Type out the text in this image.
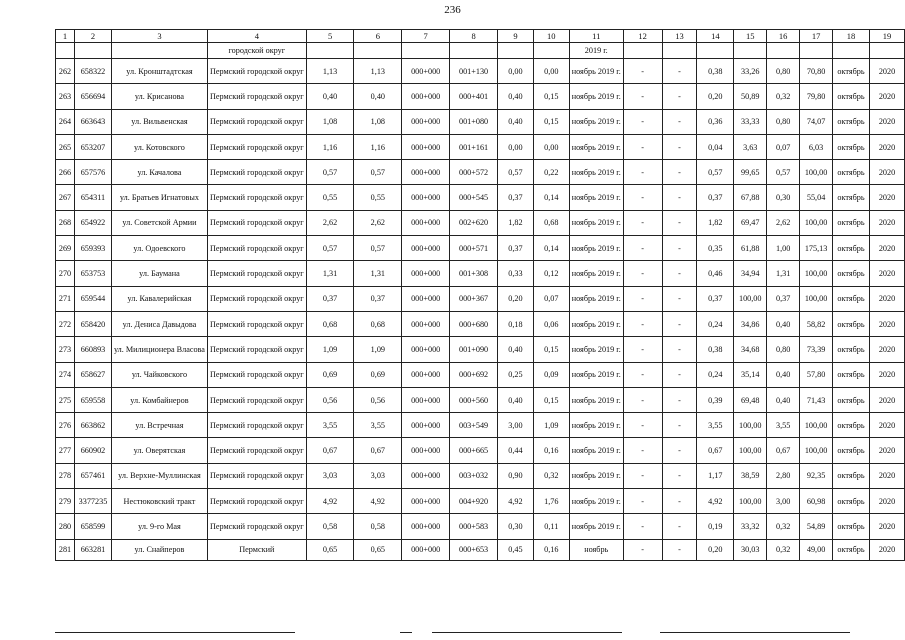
236
1	2	3	4	5	6	7	8	9	10	11	12	13	14	15	16	17	18	19
			городской округ							2019 г.								
262	658322	ул. Кронштадтская	Пермский городской округ	1,13	1,13	000+000	001+130	0,00	0,00	ноябрь 2019 г.	-	-	0,38	33,26	0,80	70,80	октябрь	2020
263	656694	ул. Крисанова	Пермский городской округ	0,40	0,40	000+000	000+401	0,40	0,15	ноябрь 2019 г.	-	-	0,20	50,89	0,32	79,80	октябрь	2020
264	663643	ул. Вильвенская	Пермский городской округ	1,08	1,08	000+000	001+080	0,40	0,15	ноябрь 2019 г.	-	-	0,36	33,33	0,80	74,07	октябрь	2020
265	653207	ул. Котовского	Пермский городской округ	1,16	1,16	000+000	001+161	0,00	0,00	ноябрь 2019 г.	-	-	0,04	3,63	0,07	6,03	октябрь	2020
266	657576	ул. Качалова	Пермский городской округ	0,57	0,57	000+000	000+572	0,57	0,22	ноябрь 2019 г.	-	-	0,57	99,65	0,57	100,00	октябрь	2020
267	654311	ул. Братьев Игнатовых	Пермский городской округ	0,55	0,55	000+000	000+545	0,37	0,14	ноябрь 2019 г.	-	-	0,37	67,88	0,30	55,04	октябрь	2020
268	654922	ул. Советской Армии	Пермский городской округ	2,62	2,62	000+000	002+620	1,82	0,68	ноябрь 2019 г.	-	-	1,82	69,47	2,62	100,00	октябрь	2020
269	659393	ул. Одоевского	Пермский городской округ	0,57	0,57	000+000	000+571	0,37	0,14	ноябрь 2019 г.	-	-	0,35	61,88	1,00	175,13	октябрь	2020
270	653753	ул. Баумана	Пермский городской округ	1,31	1,31	000+000	001+308	0,33	0,12	ноябрь 2019 г.	-	-	0,46	34,94	1,31	100,00	октябрь	2020
271	659544	ул. Кавалерийская	Пермский городской округ	0,37	0,37	000+000	000+367	0,20	0,07	ноябрь 2019 г.	-	-	0,37	100,00	0,37	100,00	октябрь	2020
272	658420	ул. Дениса Давыдова	Пермский городской округ	0,68	0,68	000+000	000+680	0,18	0,06	ноябрь 2019 г.	-	-	0,24	34,86	0,40	58,82	октябрь	2020
273	660893	ул. Милиционера Власова	Пермский городской округ	1,09	1,09	000+000	001+090	0,40	0,15	ноябрь 2019 г.	-	-	0,38	34,68	0,80	73,39	октябрь	2020
274	658627	ул. Чайковского	Пермский городской округ	0,69	0,69	000+000	000+692	0,25	0,09	ноябрь 2019 г.	-	-	0,24	35,14	0,40	57,80	октябрь	2020
275	659558	ул. Комбайнеров	Пермский городской округ	0,56	0,56	000+000	000+560	0,40	0,15	ноябрь 2019 г.	-	-	0,39	69,48	0,40	71,43	октябрь	2020
276	663862	ул. Встречная	Пермский городской округ	3,55	3,55	000+000	003+549	3,00	1,09	ноябрь 2019 г.	-	-	3,55	100,00	3,55	100,00	октябрь	2020
277	660902	ул. Оверятская	Пермский городской округ	0,67	0,67	000+000	000+665	0,44	0,16	ноябрь 2019 г.	-	-	0,67	100,00	0,67	100,00	октябрь	2020
278	657461	ул. Верхне-Муллинская	Пермский городской округ	3,03	3,03	000+000	003+032	0,90	0,32	ноябрь 2019 г.	-	-	1,17	38,59	2,80	92,35	октябрь	2020
279	3377235	Нестюковский тракт	Пермский городской округ	4,92	4,92	000+000	004+920	4,92	1,76	ноябрь 2019 г.	-	-	4,92	100,00	3,00	60,98	октябрь	2020
280	658599	ул. 9-го Мая	Пермский городской округ	0,58	0,58	000+000	000+583	0,30	0,11	ноябрь 2019 г.	-	-	0,19	33,32	0,32	54,89	октябрь	2020
281	663281	ул. Снайперов	Пермский	0,65	0,65	000+000	000+653	0,45	0,16	ноябрь	-	-	0,20	30,03	0,32	49,00	октябрь	2020
